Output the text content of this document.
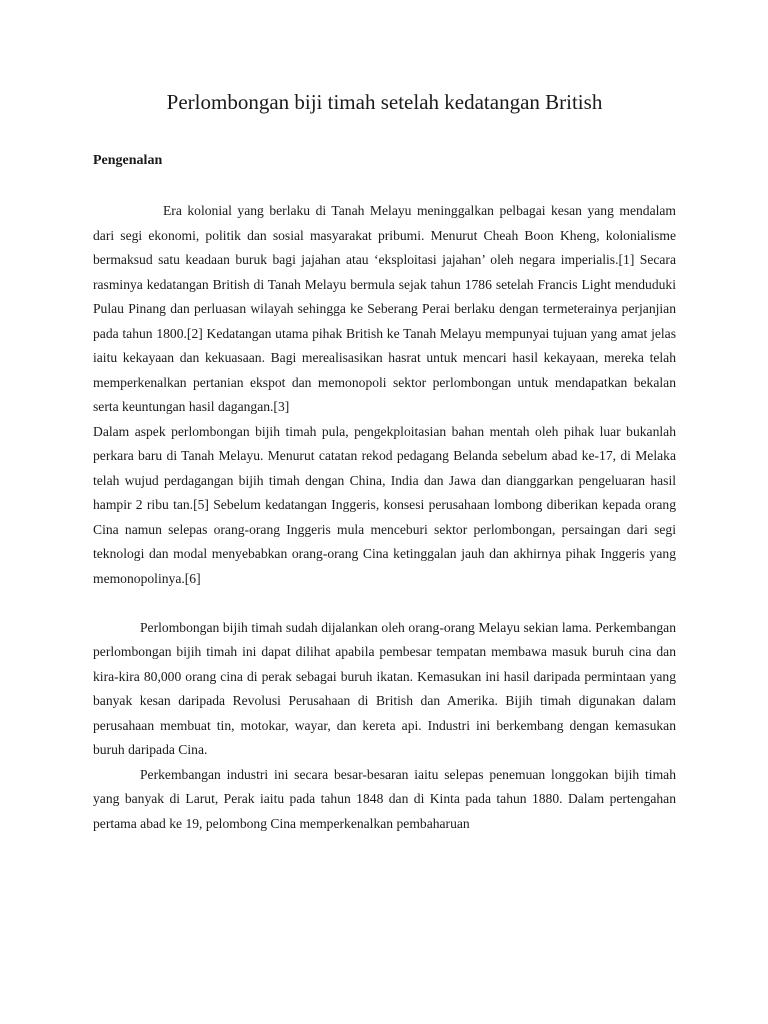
Perlombongan biji timah setelah kedatangan British
Pengenalan

Era kolonial yang berlaku di Tanah Melayu meninggalkan pelbagai kesan yang mendalam dari segi ekonomi, politik dan sosial masyarakat pribumi. Menurut Cheah Boon Kheng, kolonialisme bermaksud satu keadaan buruk bagi jajahan atau ‘eksploitasi jajahan’ oleh negara imperialis.[1] Secara rasminya kedatangan British di Tanah Melayu bermula sejak tahun 1786 setelah Francis Light menduduki Pulau Pinang dan perluasan wilayah sehingga ke Seberang Perai berlaku dengan termeterainya perjanjian pada tahun 1800.[2] Kedatangan utama pihak British ke Tanah Melayu mempunyai tujuan yang amat jelas iaitu kekayaan dan kekuasaan. Bagi merealisasikan hasrat untuk mencari hasil kekayaan, mereka telah memperkenalkan pertanian ekspot dan memonopoli sektor perlombongan untuk mendapatkan bekalan serta keuntungan hasil dagangan.[3]

Dalam aspek perlombongan bijih timah pula, pengekploitasian bahan mentah oleh pihak luar bukanlah perkara baru di Tanah Melayu. Menurut catatan rekod pedagang Belanda sebelum abad ke-17, di Melaka telah wujud perdagangan bijih timah dengan China, India dan Jawa dan dianggarkan pengeluaran hasil hampir 2 ribu tan.[5] Sebelum kedatangan Inggeris, konsesi perusahaan lombong diberikan kepada orang Cina namun selepas orang-orang Inggeris mula menceburi sektor perlombongan, persaingan dari segi teknologi dan modal menyebabkan orang-orang Cina ketinggalan jauh dan akhirnya pihak Inggeris yang memonopolinya.[6]

Perlombongan bijih timah sudah dijalankan oleh orang-orang Melayu sekian lama. Perkembangan perlombongan bijih timah ini dapat dilihat apabila pembesar tempatan membawa masuk buruh cina dan kira-kira 80,000 orang cina di perak sebagai buruh ikatan. Kemasukan ini hasil daripada permintaan yang banyak kesan daripada Revolusi Perusahaan di British dan Amerika. Bijih timah digunakan dalam perusahaan membuat tin, motokar, wayar, dan kereta api. Industri ini berkembang dengan kemasukan buruh daripada Cina.

Perkembangan industri ini secara besar-besaran iaitu selepas penemuan longgokan bijih timah yang banyak di Larut, Perak iaitu pada tahun 1848 dan di Kinta pada tahun 1880. Dalam pertengahan pertama abad ke 19, pelombong Cina memperkenalkan pembaharuan
